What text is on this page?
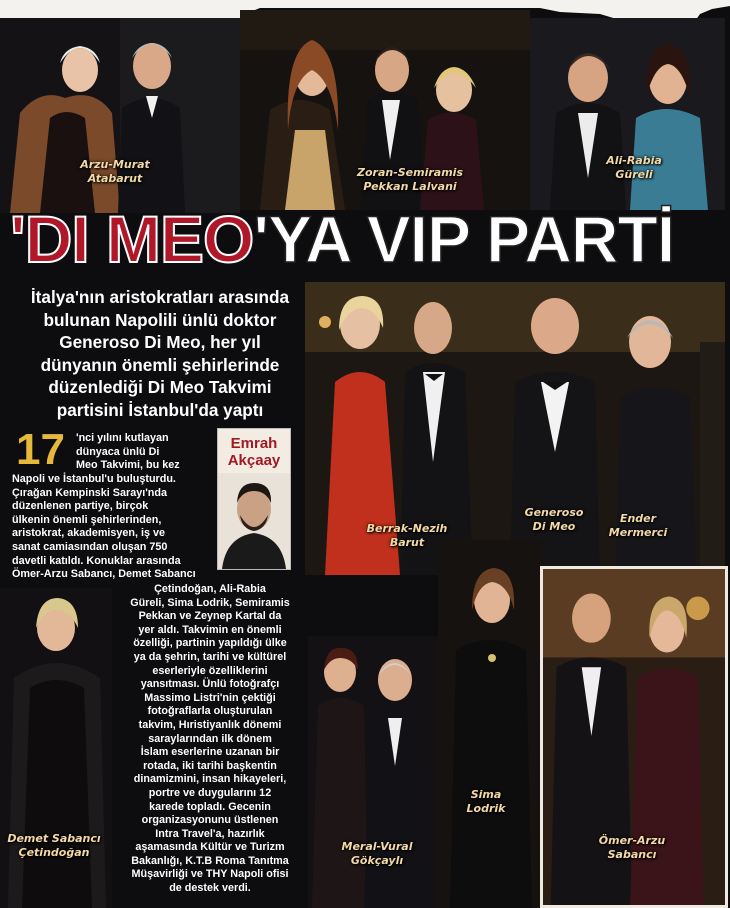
Arzu-Murat
Atabarut	Zoran-Semiramis
Pekkan Lalvani
Ali-Rabia
Güreli
'DI MEO'YA VIP PARTİ
İtalya'nın aristokratları arasında
bulunan Napolili ünlü doktor
Generoso Di Meo, her yıl
dünyanın önemli şehirlerinde
düzenlediği Di Meo Takvimi
partisini İstanbul'da yaptı
Berrak-Nezih
Barut
Generoso
Di Meo
Ender
Mermerci
17 'nci yılını kutlayan
dünyaca ünlü Di
Meo Takvimi, bu kez
Napoli ve İstanbul'u buluşturdu.
Çırağan Kempinski Sarayı'nda
düzenlenen partiye, birçok
ülkenin önemli şehirlerinden,
aristokrat, akademisyen, iş ve
sanat camiasından oluşan 750
davetli katıldı. Konuklar arasında
Ömer-Arzu Sabancı, Demet Sabancı
Emrah
Akçaay
Demet Sabancı
Çetindoğan
Çetindoğan, Ali-Rabia
Güreli, Sima Lodrik, Semiramis
Pekkan ve Zeynep Kartal da
yer aldı. Takvimin en önemli
özelliği, partinin yapıldığı ülke
ya da şehrin, tarihi ve kültürel
eserleriyle özelliklerini
yansıtması. Ünlü fotoğrafçı
Massimo Listri'nin çektiği
fotoğraflarla oluşturulan
takvim, Hıristiyanlık dönemi
saraylarından ilk dönem
İslam eserlerine uzanan bir
rotada, iki tarihi başkentin
dinamizmini, insan hikayeleri,
portre ve duygularını 12
karede topladı. Gecenin
organizasyonunu üstlenen
Intra Travel'a, hazırlık
aşamasında Kültür ve Turizm
Bakanlığı, K.T.B Roma Tanıtma
Müşavirliği ve THY Napoli ofisi
de destek verdi.
Meral-Vural
Gökçaylı
Sima
Lodrik
Ömer-Arzu
Sabancı
